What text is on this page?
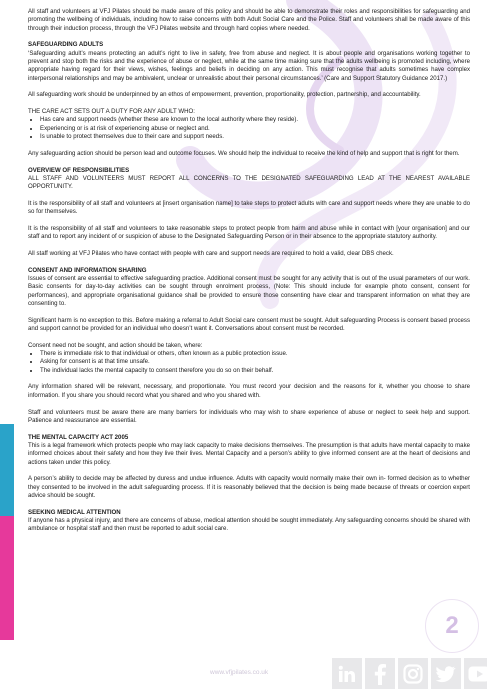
All staff and volunteers at VFJ Pilates should be made aware of this policy and should be able to demonstrate their roles and responsibilities for safeguarding and promoting the wellbeing of individuals, including how to raise concerns with both Adult Social Care and the Police. Staff and volunteers shall be made aware of this through their induction process, through the VFJ Pilates website and through hard copies where needed.

SAFEGUARDING ADULTS

‘Safeguarding adult’s means protecting an adult’s right to live in safety, free from abuse and neglect. It is about people and organisations working together to prevent and stop both the risks and the experience of abuse or neglect, while at the same time making sure that the adults wellbeing is promoted including, where appropriate having regard for their views, wishes, feelings and beliefs in deciding on any action. This must recognise that adults sometimes have complex interpersonal relationships and may be ambivalent, unclear or unrealistic about their personal circumstances.’ (Care and Support Statutory Guidance 2017.)

All safeguarding work should be underpinned by an ethos of empowerment, prevention, proportionality, protection, partnership, and accountability.

THE CARE ACT SETS OUT A DUTY FOR ANY ADULT WHO:
• Has care and support needs (whether these are known to the local authority where they reside).
• Experiencing or is at risk of experiencing abuse or neglect and.
• Is unable to protect themselves due to their care and support needs.

Any safeguarding action should be person lead and outcome focuses. We should help the individual to receive the kind of help and support that is right for them.

OVERVIEW OF RESPONSIBILITIES

ALL STAFF AND VOLUNTEERS MUST REPORT ALL CONCERNS TO THE DESIGNATED SAFEGUARDING LEAD AT THE NEAREST AVAILABLE OPPORTUNITY.

It is the responsibility of all staff and volunteers at [insert organisation name] to take steps to protect adults with care and support needs where they are unable to do so for themselves.

It is the responsibility of all staff and volunteers to take reasonable steps to protect people from harm and abuse while in contact with [your organisation] and our staff and to report any incident of or suspicion of abuse to the Designated Safeguarding Person or in their absence to the appropriate statutory authority.

All staff working at VFJ Pilates who have contact with people with care and support needs are required to hold a valid, clear DBS check.

CONSENT AND INFORMATION SHARING

Issues of consent are essential to effective safeguarding practice. Additional consent must be sought for any activity that is out of the usual parameters of our work. Basic consents for day-to-day activities can be sought through enrolment process, (Note: This should include for example photo consent, consent for performances), and appropriate organisational guidance shall be provided to ensure those consenting have clear and transparent information on what they are consenting to.

Significant harm is no exception to this. Before making a referral to Adult Social care consent must be sought. Adult safeguarding Process is consent based process and support cannot be provided for an individual who doesn’t want it. Conversations about consent must be recorded.

Consent need not be sought, and action should be taken, where:
• There is immediate risk to that individual or others, often known as a public protection issue.
• Asking for consent is at that time unsafe.
• The individual lacks the mental capacity to consent therefore you do so on their behalf.

Any information shared will be relevant, necessary, and proportionate. You must record your decision and the reasons for it, whether you choose to share information. If you share you should record what you shared and who you shared with.

Staff and volunteers must be aware there are many barriers for individuals who may wish to share experience of abuse or neglect to seek help and support. Patience and reassurance are essential.

THE MENTAL CAPACITY ACT 2005

This is a legal framework which protects people who may lack capacity to make decisions themselves. The presumption is that adults have mental capacity to make informed choices about their safety and how they live their lives. Mental Capacity and a person’s ability to give informed consent are at the heart of decisions and actions taken under this policy.

A person’s ability to decide may be affected by duress and undue influence. Adults with capacity would normally make their own in- formed decision as to whether they consented to be involved in the adult safeguarding process. If it is reasonably believed that the decision is being made because of threats or coercion expert advice should be sought.

SEEKING MEDICAL ATTENTION

If anyone has a physical injury, and there are concerns of abuse, medical attention should be sought immediately. Any safeguarding concerns should be shared with ambulance or hospital staff and then must be reported to adult social care.

2
www.vfjpilates.co.uk
